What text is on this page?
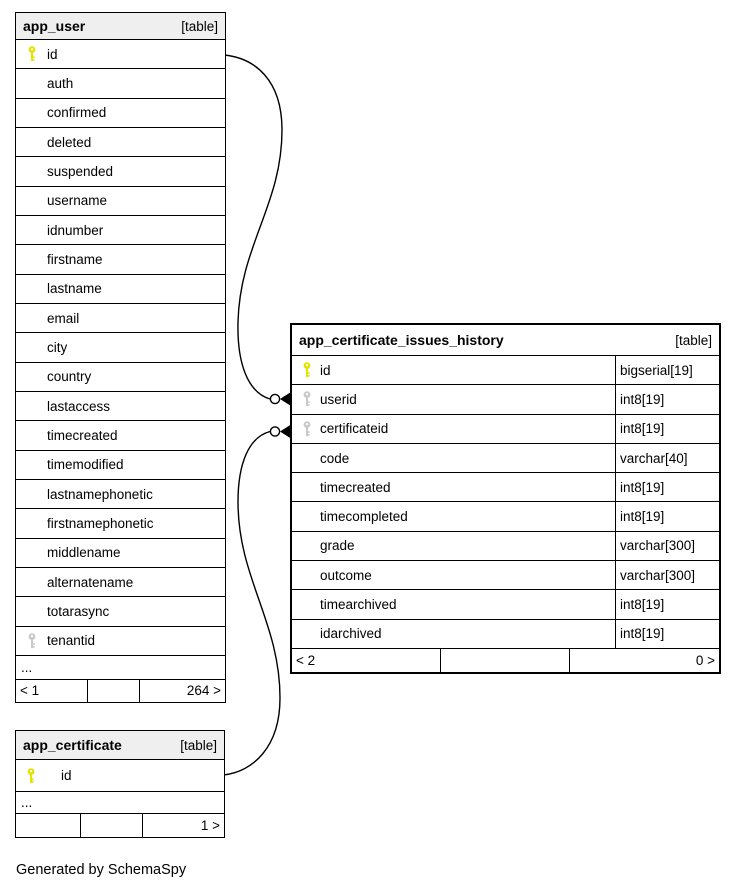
app_user	[table]
id
auth
confirmed
deleted
suspended
username
idnumber
firstname
lastname
email
city
country
lastaccess
timecreated
timemodified
lastnamephonetic
firstnamephonetic
middlename
alternatename
totarasync
tenantid
...
< 1	264 >
app_certificate_issues_history	[table]
id	bigserial[19]
userid	int8[19]
certificateid	int8[19]
code	varchar[40]
timecreated	int8[19]
timecompleted	int8[19]
grade	varchar[300]
outcome	varchar[300]
timearchived	int8[19]
idarchived	int8[19]
< 2	0 >
app_certificate	[table]
id
...
1 >
Generated by SchemaSpy
